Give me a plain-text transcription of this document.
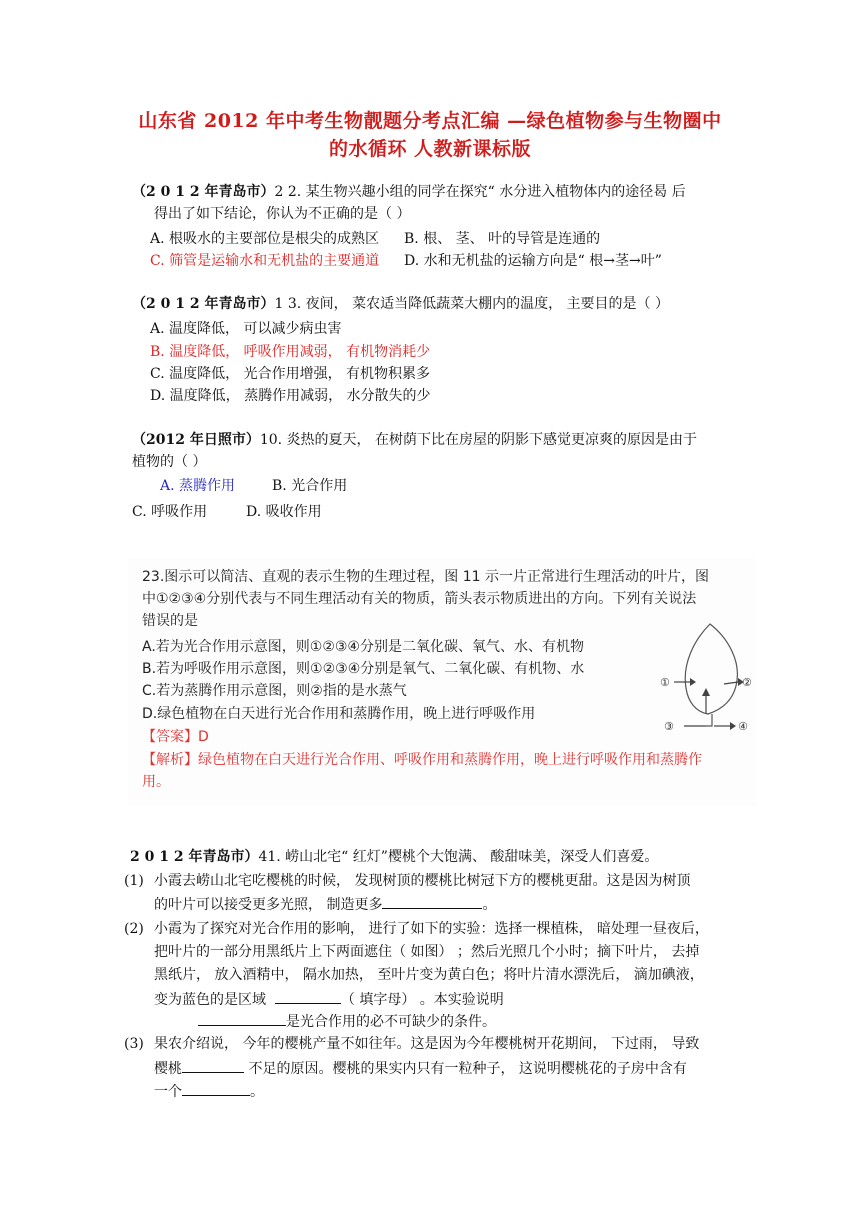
山东省 2012 年中考生物靓题分考点汇编 —绿色植物参与生物圈中
的水循环 人教新课标版
（2 0 1 2 年青岛市）2 2. 某生物兴趣小组的同学在探究“ 水分进入植物体内的途径曷 后
得出了如下结论，你认为不正确的是（ ）
A. 根吸水的主要部位是根尖的成熟区 B. 根、 茎、 叶的导管是连通的
C. 筛管是运输水和无机盐的主要通道 D. 水和无机盐的运输方向是“ 根→茎→叶”
（2 0 1 2 年青岛市）1 3. 夜间， 菜农适当降低蔬菜大棚内的温度， 主要目的是（ ）
A. 温度降低， 可以减少病虫害
B. 温度降低， 呼吸作用减弱， 有机物消耗少
C. 温度降低， 光合作用增强， 有机物积累多
D. 温度降低， 蒸腾作用减弱， 水分散失的少
（2012 年日照市）10. 炎热的夏天， 在树荫下比在房屋的阴影下感觉更凉爽的原因是由于
植物的（ ）
A. 蒸腾作用	B. 光合作用
C. 呼吸作用	D. 吸收作用
23.图示可以简洁、直观的表示生物的生理过程，图 11 示一片正常进行生理活动的叶片，图
中①②③④分别代表与不同生理活动有关的物质，箭头表示物质进出的方向。下列有关说法
错误的是
A.若为光合作用示意图，则①②③④分别是二氧化碳、氧气、水、有机物
B.若为呼吸作用示意图，则①②③④分别是氧气、二氧化碳、有机物、水
C.若为蒸腾作用示意图，则②指的是水蒸气
D.绿色植物在白天进行光合作用和蒸腾作用，晚上进行呼吸作用
【答案】D
【解析】绿色植物在白天进行光合作用、呼吸作用和蒸腾作用，晚上进行呼吸作用和蒸腾作
用。
①	②
③	④
2 0 1 2 年青岛市）41. 崂山北宅“ 红灯”樱桃个大饱满、 酸甜味美，深受人们喜爱。
(1) 小霞去崂山北宅吃樱桃的时候， 发现树顶的樱桃比树冠下方的樱桃更甜。这是因为树顶
的叶片可以接受更多光照， 制造更多	。
(2) 小霞为了探究对光合作用的影响， 进行了如下的实验：选择一棵植株， 暗处理一昼夜后，
把叶片的一部分用黑纸片上下两面遮住（ 如图） ；然后光照几个小时；摘下叶片， 去掉
黑纸片， 放入酒精中， 隔水加热， 至叶片变为黄白色；将叶片清水漂洗后， 滴加碘液，
变为蓝色的是区域	（ 填字母） 。本实验说明
是光合作用的必不可缺少的条件。
(3) 果农介绍说， 今年的樱桃产量不如往年。这是因为今年樱桃树开花期间， 下过雨， 导致
樱桃	不足的原因。樱桃的果实内只有一粒种子， 这说明樱桃花的子房中含有
一个	。
